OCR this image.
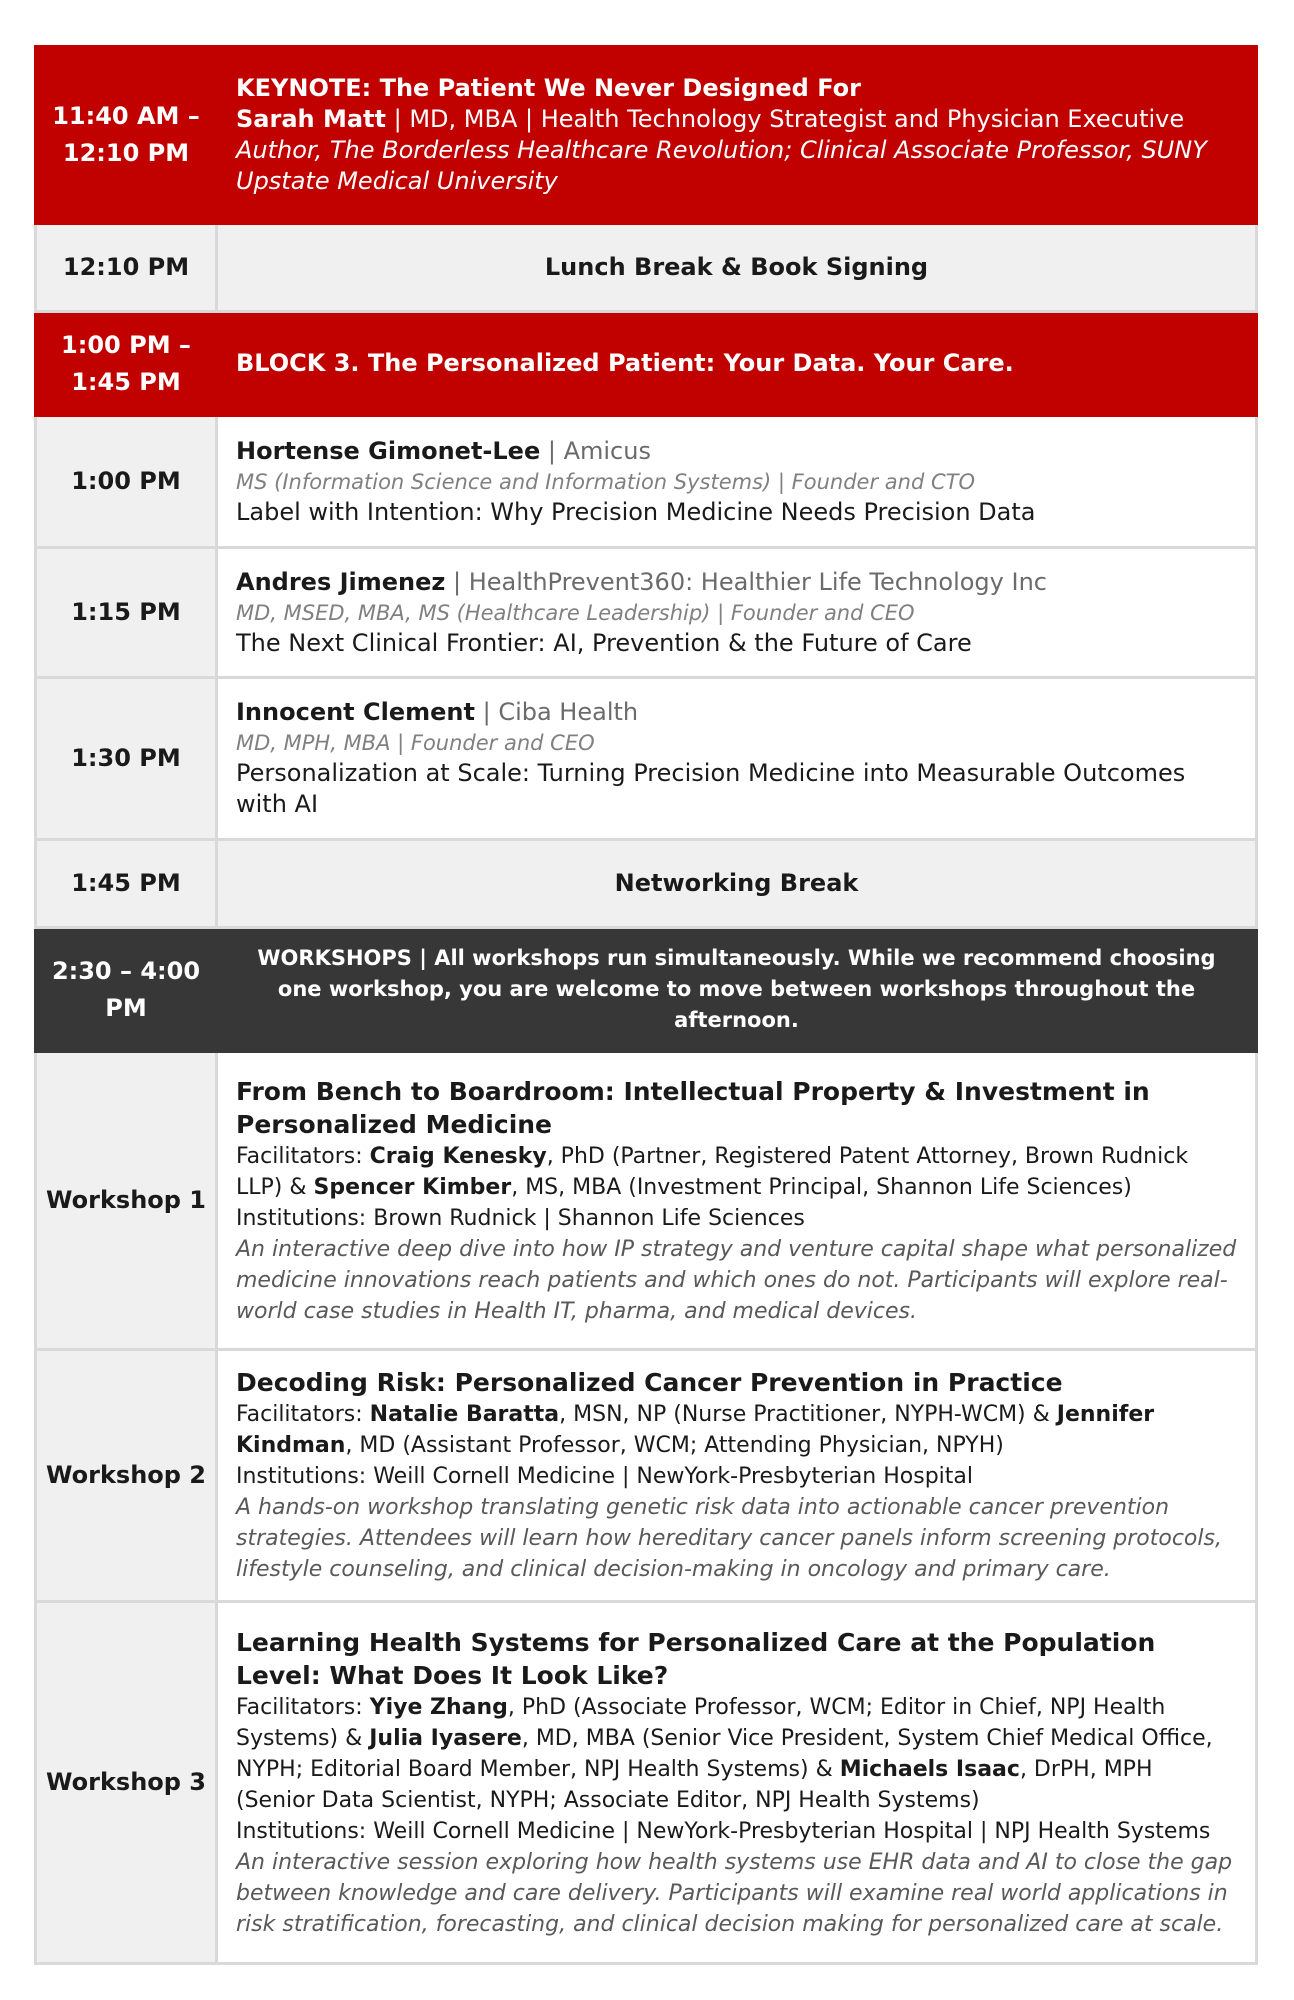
11:40 AM – 12:10 PM	KEYNOTE: The Patient We Never Designed For
Sarah Matt | MD, MBA | Health Technology Strategist and Physician Executive
Author, The Borderless Healthcare Revolution; Clinical Associate Professor, SUNY Upstate Medical University

12:10 PM	Lunch Break & Book Signing
1:00 PM – 1:45 PM	BLOCK 3. The Personalized Patient: Your Data. Your Care.
1:00 PM	Hortense Gimonet-Lee | Amicus
MS (Information Science and Information Systems) | Founder and CTO
Label with Intention: Why Precision Medicine Needs Precision Data

1:15 PM	Andres Jimenez | HealthPrevent360: Healthier Life Technology Inc
MD, MSED, MBA, MS (Healthcare Leadership) | Founder and CEO
The Next Clinical Frontier: AI, Prevention & the Future of Care

1:30 PM	Innocent Clement | Ciba Health
MD, MPH, MBA | Founder and CEO
Personalization at Scale: Turning Precision Medicine into Measurable Outcomes with AI

1:45 PM	Networking Break
2:30 – 4:00 PM	WORKSHOPS | All workshops run simultaneously. While we recommend choosing one workshop, you are welcome to move between workshops throughout the afternoon.
Workshop 1	From Bench to Boardroom: Intellectual Property & Investment in Personalized Medicine
Facilitators: Craig Kenesky, PhD (Partner, Registered Patent Attorney, Brown Rudnick LLP) & Spencer Kimber, MS, MBA (Investment Principal, Shannon Life Sciences)
Institutions: Brown Rudnick | Shannon Life Sciences
An interactive deep dive into how IP strategy and venture capital shape what personalized medicine innovations reach patients and which ones do not. Participants will explore real-world case studies in Health IT, pharma, and medical devices.

Workshop 2	Decoding Risk: Personalized Cancer Prevention in Practice
Facilitators: Natalie Baratta, MSN, NP (Nurse Practitioner, NYPH-WCM) & Jennifer Kindman, MD (Assistant Professor, WCM; Attending Physician, NPYH)
Institutions: Weill Cornell Medicine | NewYork-Presbyterian Hospital
A hands-on workshop translating genetic risk data into actionable cancer prevention strategies. Attendees will learn how hereditary cancer panels inform screening protocols, lifestyle counseling, and clinical decision-making in oncology and primary care.

Workshop 3	Learning Health Systems for Personalized Care at the Population Level: What Does It Look Like?
Facilitators: Yiye Zhang, PhD (Associate Professor, WCM; Editor in Chief, NPJ Health Systems) & Julia Iyasere, MD, MBA (Senior Vice President, System Chief Medical Office, NYPH; Editorial Board Member, NPJ Health Systems) & Michaels Isaac, DrPH, MPH (Senior Data Scientist, NYPH; Associate Editor, NPJ Health Systems)
Institutions: Weill Cornell Medicine | NewYork-Presbyterian Hospital | NPJ Health Systems
An interactive session exploring how health systems use EHR data and AI to close the gap between knowledge and care delivery. Participants will examine real world applications in risk stratification, forecasting, and clinical decision making for personalized care at scale.
